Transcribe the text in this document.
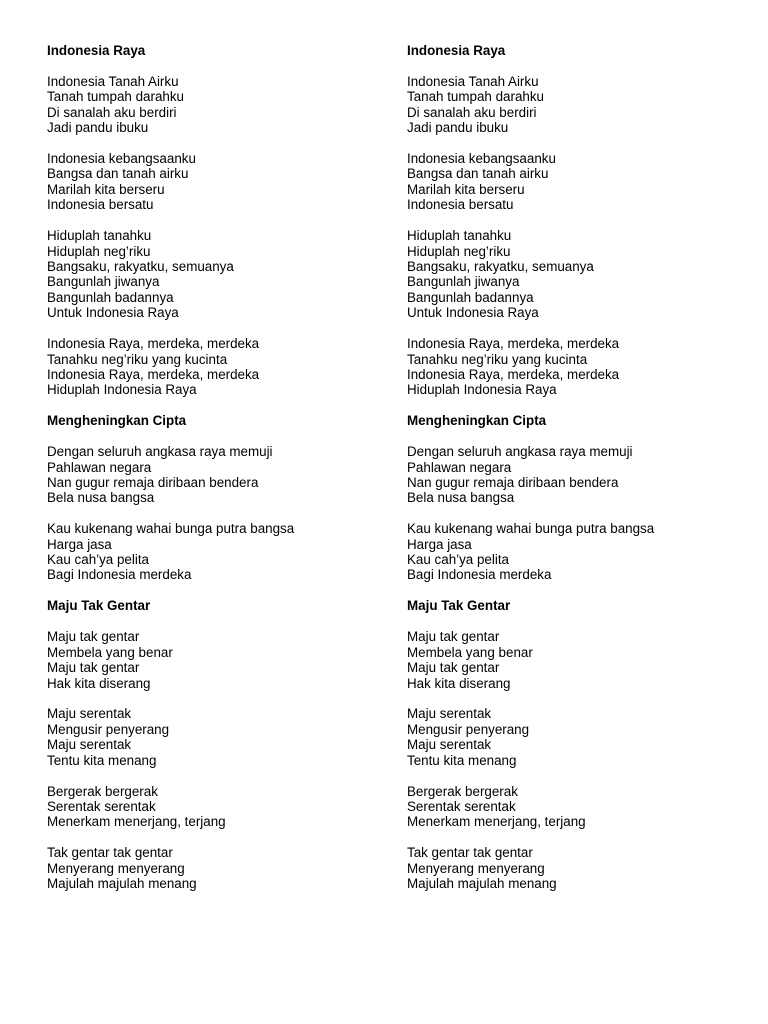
Indonesia Raya
Indonesia Tanah Airku
Tanah tumpah darahku
Di sanalah aku berdiri
Jadi pandu ibuku
Indonesia kebangsaanku
Bangsa dan tanah airku
Marilah kita berseru
Indonesia bersatu
Hiduplah tanahku
Hiduplah neg’riku
Bangsaku, rakyatku, semuanya
Bangunlah jiwanya
Bangunlah badannya
Untuk Indonesia Raya
Indonesia Raya, merdeka, merdeka
Tanahku neg’riku yang kucinta
Indonesia Raya, merdeka, merdeka
Hiduplah Indonesia Raya
Mengheningkan Cipta
Dengan seluruh angkasa raya memuji
Pahlawan negara
Nan gugur remaja diribaan bendera
Bela nusa bangsa
Kau kukenang wahai bunga putra bangsa
Harga jasa
Kau cah’ya pelita
Bagi Indonesia merdeka
Maju Tak Gentar
Maju tak gentar
Membela yang benar
Maju tak gentar
Hak kita diserang
Maju serentak
Mengusir penyerang
Maju serentak
Tentu kita menang
Bergerak bergerak
Serentak serentak
Menerkam menerjang, terjang
Tak gentar tak gentar
Menyerang menyerang
Majulah majulah menang
Indonesia Raya
Indonesia Tanah Airku
Tanah tumpah darahku
Di sanalah aku berdiri
Jadi pandu ibuku
Indonesia kebangsaanku
Bangsa dan tanah airku
Marilah kita berseru
Indonesia bersatu
Hiduplah tanahku
Hiduplah neg’riku
Bangsaku, rakyatku, semuanya
Bangunlah jiwanya
Bangunlah badannya
Untuk Indonesia Raya
Indonesia Raya, merdeka, merdeka
Tanahku neg’riku yang kucinta
Indonesia Raya, merdeka, merdeka
Hiduplah Indonesia Raya
Mengheningkan Cipta
Dengan seluruh angkasa raya memuji
Pahlawan negara
Nan gugur remaja diribaan bendera
Bela nusa bangsa
Kau kukenang wahai bunga putra bangsa
Harga jasa
Kau cah’ya pelita
Bagi Indonesia merdeka
Maju Tak Gentar
Maju tak gentar
Membela yang benar
Maju tak gentar
Hak kita diserang
Maju serentak
Mengusir penyerang
Maju serentak
Tentu kita menang
Bergerak bergerak
Serentak serentak
Menerkam menerjang, terjang
Tak gentar tak gentar
Menyerang menyerang
Majulah majulah menang
